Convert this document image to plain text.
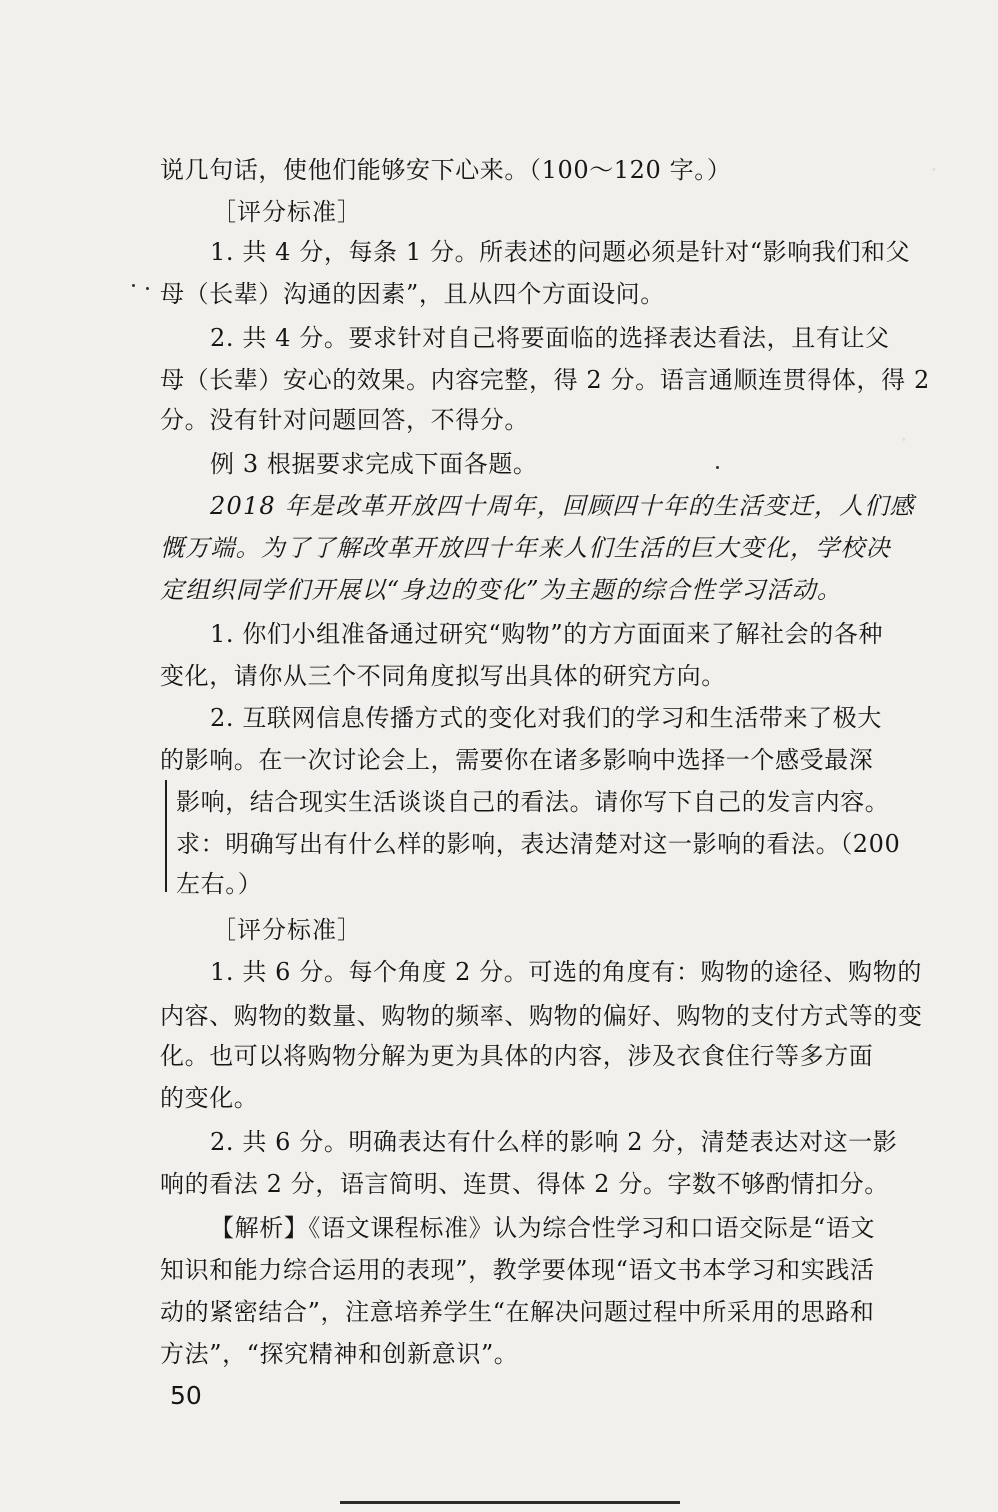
·
·
说几句话，使他们能够安下心来。（100～120 字。）
［评分标准］
1. 共 4 分，每条 1 分。所表述的问题必须是针对“影响我们和父
母（长辈）沟通的因素”，且从四个方面设问。
2. 共 4 分。要求针对自己将要面临的选择表达看法，且有让父
母（长辈）安心的效果。内容完整，得 2 分。语言通顺连贯得体，得 2
分。没有针对问题回答，不得分。
例 3 根据要求完成下面各题。
2018 年是改革开放四十周年，回顾四十年的生活变迁，人们感
慨万端。为了了解改革开放四十年来人们生活的巨大变化，学校决
定组织同学们开展以“身边的变化”为主题的综合性学习活动。
1. 你们小组准备通过研究“购物”的方方面面来了解社会的各种
变化，请你从三个不同角度拟写出具体的研究方向。
2. 互联网信息传播方式的变化对我们的学习和生活带来了极大
的影响。在一次讨论会上，需要你在诸多影响中选择一个感受最深
影响，结合现实生活谈谈自己的看法。请你写下自己的发言内容。
求：明确写出有什么样的影响，表达清楚对这一影响的看法。（200
左右。）
［评分标准］
1. 共 6 分。每个角度 2 分。可选的角度有：购物的途径、购物的
内容、购物的数量、购物的频率、购物的偏好、购物的支付方式等的变
化。也可以将购物分解为更为具体的内容，涉及衣食住行等多方面
的变化。
2. 共 6 分。明确表达有什么样的影响 2 分，清楚表达对这一影
响的看法 2 分，语言简明、连贯、得体 2 分。字数不够酌情扣分。
【解析】《语文课程标准》认为综合性学习和口语交际是“语文
知识和能力综合运用的表现”，教学要体现“语文书本学习和实践活
动的紧密结合”，注意培养学生“在解决问题过程中所采用的思路和
方法”，“探究精神和创新意识”。
50
